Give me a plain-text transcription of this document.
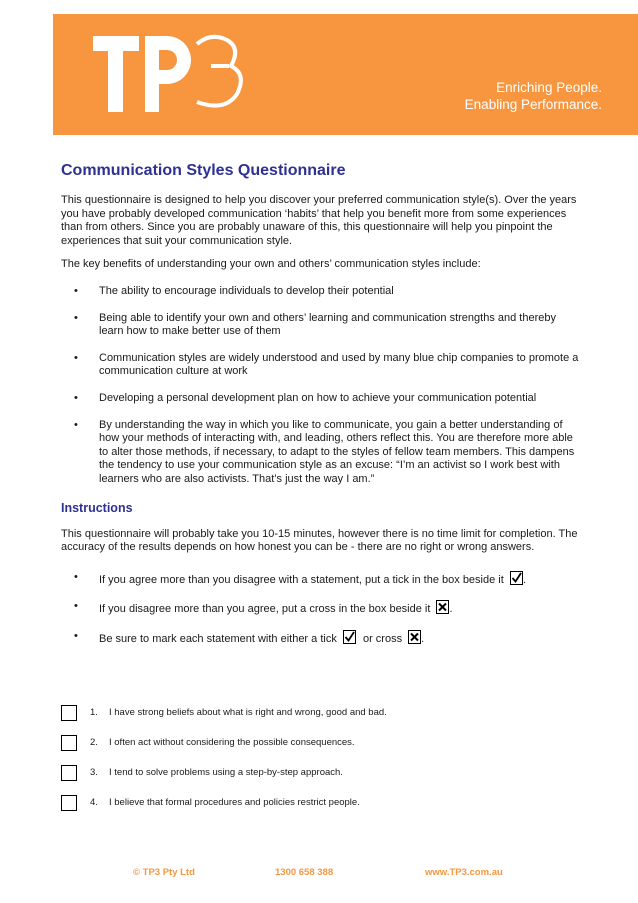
Enriching People.
Enabling Performance.
Communication Styles Questionnaire

This questionnaire is designed to help you discover your preferred communication style(s). Over the years you have probably developed communication ‘habits’ that help you benefit more from some experiences than from others. Since you are probably unaware of this, this questionnaire will help you pinpoint the experiences that suit your communication style.

The key benefits of understanding your own and others’ communication styles include:

• The ability to encourage individuals to develop their potential
• Being able to identify your own and others’ learning and communication strengths and thereby learn how to make better use of them
• Communication styles are widely understood and used by many blue chip companies to promote a communication culture at work
• Developing a personal development plan on how to achieve your communication potential
• By understanding the way in which you like to communicate, you gain a better understanding of how your methods of interacting with, and leading, others reflect this. You are therefore more able to alter those methods, if necessary, to adapt to the styles of fellow team members. This dampens the tendency to use your communication style as an excuse: “I’m an activist so I work best with learners who are also activists. That’s just the way I am.”
Instructions

This questionnaire will probably take you 10-15 minutes, however there is no time limit for completion. The accuracy of the results depends on how honest you can be - there are no right or wrong answers.

• If you agree more than you disagree with a statement, put a tick in the box beside it .
• If you disagree more than you agree, put a cross in the box beside it ☒.
• Be sure to mark each statement with either a tick or cross ☒.
1. I have strong beliefs about what is right and wrong, good and bad.
2. I often act without considering the possible consequences.
3. I tend to solve problems using a step-by-step approach.
4. I believe that formal procedures and policies restrict people.
© TP3 Pty Ltd	1300 658 388	www.TP3.com.au
